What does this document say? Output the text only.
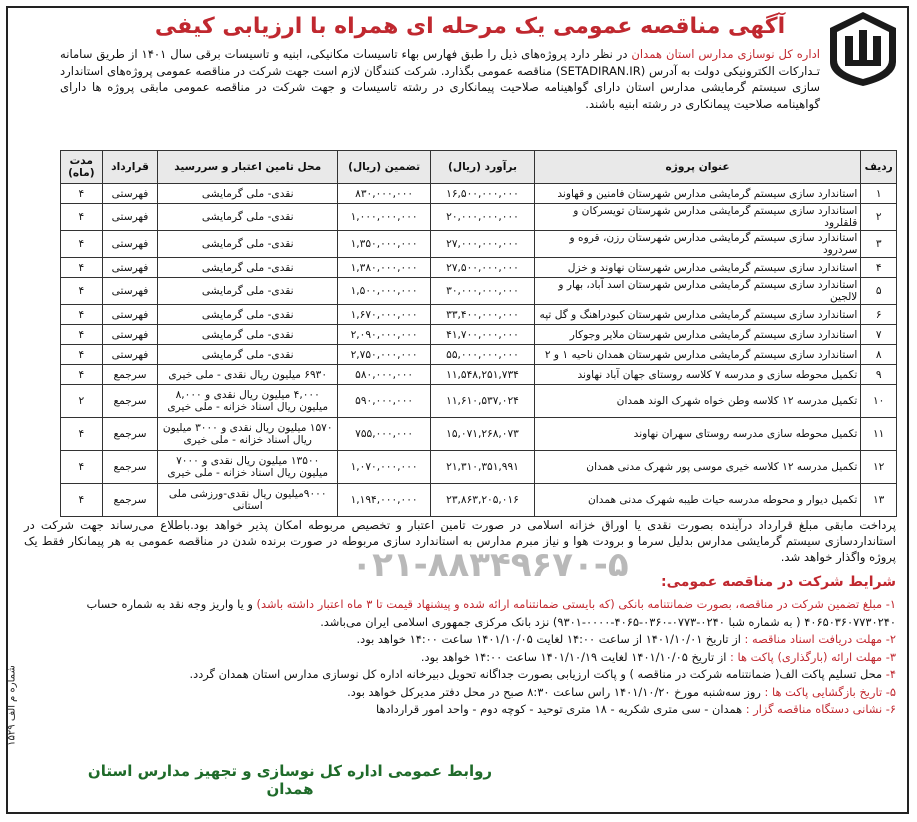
آگهی مناقصه عمومی یک مرحله ای همراه با ارزیابی کیفی
اداره کل نوسازی مدارس استان همدان در نظر دارد پروژه‌های ذیل را طبق فهارس بهاء تاسیسات مکانیکی، ابنیه و تاسیسات برقی سال ۱۴۰۱ از طریق سامانه تـدارکات الکترونیکی دولت به آدرس (SETADIRAN.IR) مناقصه عمومی بگذارد. شرکت کنندگان لازم است جهت شرکت در مناقصه عمومی پروژه‌های استاندارد سازی سیستم گرمایشی مدارس استان دارای گواهینامه صلاحیت پیمانکاری در رشته تاسیسات و جهت شرکت در مناقصه عمومی مابقی پروژه ها دارای گواهینامه صلاحیت پیمانکاری در رشته ابنیه باشند.
ردیف	عنوان پروژه	برآورد (ریال)	تضمین (ریال)	محل تامین اعتبار و سررسید	قرارداد	مدت (ماه)
۱	استاندارد سازی سیستم گرمایشی مدارس شهرستان فامنین و قهاوند	۱۶,۵۰۰,۰۰۰,۰۰۰	۸۳۰,۰۰۰,۰۰۰	نقدی- ملی گرمایشی	فهرستی	۴
۲	استاندارد سازی سیستم گرمایشی مدارس شهرستان تویسرکان و قلقلرود	۲۰,۰۰۰,۰۰۰,۰۰۰	۱,۰۰۰,۰۰۰,۰۰۰	نقدی- ملی گرمایشی	فهرستی	۴
۳	استاندارد سازی سیستم گرمایشی مدارس شهرستان رزن، قروه و سردرود	۲۷,۰۰۰,۰۰۰,۰۰۰	۱,۳۵۰,۰۰۰,۰۰۰	نقدی- ملی گرمایشی	فهرستی	۴
۴	استاندارد سازی سیستم گرمایشی مدارس شهرستان نهاوند و خزل	۲۷,۵۰۰,۰۰۰,۰۰۰	۱,۳۸۰,۰۰۰,۰۰۰	نقدی- ملی گرمایشی	فهرستی	۴
۵	استاندارد سازی سیستم گرمایشی مدارس شهرستان اسد آباد، بهار و لالجین	۳۰,۰۰۰,۰۰۰,۰۰۰	۱,۵۰۰,۰۰۰,۰۰۰	نقدی- ملی گرمایشی	فهرستی	۴
۶	استاندارد سازی سیستم گرمایشی مدارس شهرستان کبودراهنگ و گل تپه	۳۳,۴۰۰,۰۰۰,۰۰۰	۱,۶۷۰,۰۰۰,۰۰۰	نقدی- ملی گرمایشی	فهرستی	۴
۷	استاندارد سازی سیستم گرمایشی مدارس شهرستان ملایر وجوکار	۴۱,۷۰۰,۰۰۰,۰۰۰	۲,۰۹۰,۰۰۰,۰۰۰	نقدی- ملی گرمایشی	فهرستی	۴
۸	استاندارد سازی سیستم گرمایشی مدارس شهرستان همدان ناحیه ۱ و ۲	۵۵,۰۰۰,۰۰۰,۰۰۰	۲,۷۵۰,۰۰۰,۰۰۰	نقدی- ملی گرمایشی	فهرستی	۴
۹	تکمیل محوطه سازی و مدرسه ۷ کلاسه روستای جهان آباد نهاوند	۱۱,۵۴۸,۲۵۱,۷۳۴	۵۸۰,۰۰۰,۰۰۰	۶۹۳۰ میلیون ریال نقدی - ملی خیری	سرجمع	۴
۱۰	تکمیل مدرسه ۱۲ کلاسه وطن خواه شهرک الوند همدان	۱۱,۶۱۰,۵۳۷,۰۲۴	۵۹۰,۰۰۰,۰۰۰	۴,۰۰۰ میلیون ریال نقدی و ۸,۰۰۰ میلیون ریال اسناد خزانه - ملی خیری	سرجمع	۲
۱۱	تکمیل محوطه سازی مدرسه روستای سهران نهاوند	۱۵,۰۷۱,۲۶۸,۰۷۳	۷۵۵,۰۰۰,۰۰۰	۱۵۷۰ میلیون ریال نقدی و ۳۰۰۰ میلیون ریال اسناد خزانه - ملی خیری	سرجمع	۴
۱۲	تکمیل مدرسه ۱۲ کلاسه خیری موسی پور شهرک مدنی همدان	۲۱,۳۱۰,۳۵۱,۹۹۱	۱,۰۷۰,۰۰۰,۰۰۰	۱۳۵۰۰ میلیون ریال نقدی و ۷۰۰۰ میلیون ریال اسناد خزانه - ملی خیری	سرجمع	۴
۱۳	تکمیل دیوار و محوطه مدرسه حیات طیبه شهرک مدنی همدان	۲۳,۸۶۳,۲۰۵,۰۱۶	۱,۱۹۴,۰۰۰,۰۰۰	۹۰۰۰میلیون ریال نقدی-ورزشی ملی استانی	سرجمع	۴
۰۲۱-۸۸۳۴۹۶۷۰-۵
پرداخت مابقی مبلغ قرارداد درآینده بصورت نقدی یا اوراق خزانه اسلامی در صورت تامین اعتبار و تخصیص مربوطه امکان پذیر خواهد بود.باطلاع می‌رساند جهت شرکت در استانداردسازی سیستم گرمایشی مدارس بدلیل سرما و برودت هوا و نیاز مبرم مدارس به استاندارد سازی مربوطه در صورت برنده شدن در مناقصه عمومی به هر پیمانکار فقط یک پروژه واگذار خواهد شد.
شرایط شرکت در مناقصه عمومی:

۱- مبلغ تضمین شرکت در مناقصه، بصورت ضمانتنامه بانکی (که بایستی ضمانتنامه ارائه شده و پیشنهاد قیمت تا ۳ ماه اعتبار داشته باشد) و یا واریز وجه نقد به شماره حساب ۴۰۶۵۰۳۶۰۷۷۳۰۲۴۰ ( به شماره شبا ۰۲۴۰-۰۷۷۳-۰۳۶۰-۴۰۶۵-۰۰۰۰-۹۳۰۱) نزد بانک مرکزی جمهوری اسلامی ایران می‌باشد.

۲- مهلت دریافت اسناد مناقصه : از تاریخ ۱۴۰۱/۱۰/۰۱ از ساعت ۱۴:۰۰ لغایت ۱۴۰۱/۱۰/۰۵ ساعت ۱۴:۰۰ خواهد بود.

۳- مهلت ارائه (بارگذاری) پاکت ها : از تاریخ ۱۴۰۱/۱۰/۰۵ لغایت ۱۴۰۱/۱۰/۱۹ ساعت ۱۴:۰۰ خواهد بود.

۴- محل تسلیم پاکت الف( ضمانتنامه شرکت در مناقصه ) و پاکت ارزیابی بصورت جداگانه تحویل دبیرخانه اداره کل نوسازی مدارس استان همدان گردد.

۵- تاریخ بازگشایی پاکت ها : روز سه‌شنبه مورخ ۱۴۰۱/۱۰/۲۰ راس ساعت ۸:۳۰ صبح در محل دفتر مدیرکل خواهد بود.

۶- نشانی دستگاه مناقصه گزار : همدان - سی متری شکریه - ۱۸ متری توحید - کوچه دوم - واحد امور قراردادها

شماره م الف ۱۵۲۹
روابط عمومی اداره کل نوسازی و تجهیز مدارس استان همدان
